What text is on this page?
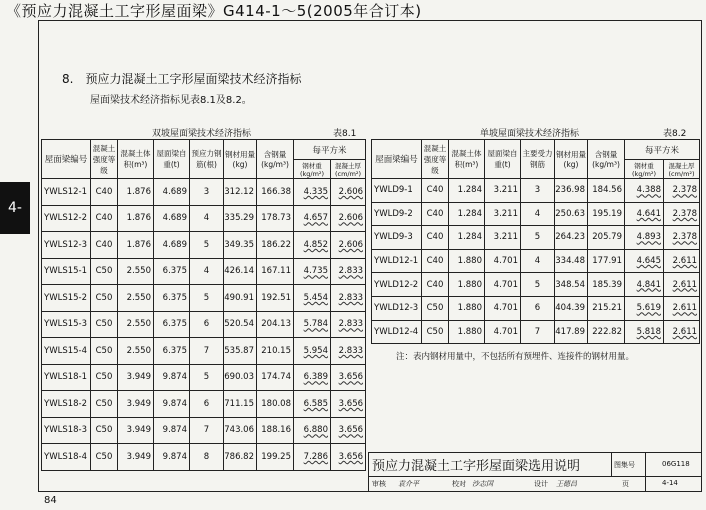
《预应力混凝土工字形屋面梁》G414-1～5(2005年合订本)
4-
8.　预应力混凝土工字形屋面梁技术经济指标
屋面梁技术经济指标见表8.1及8.2。
双坡屋面梁技术经济指标	表8.1
屋面梁编号	混凝土强度等级	混凝土体积(m³)	屋面梁自重(t)	预应力钢筋(根)	钢材用量(kg)	含钢量(kg/m³)	每平方米	
							钢材重(kg/m²)	混凝土厚(cm/m²)
YWLS12-1	C40	1.876	4.689	3	312.12	166.38	4.335	2.606
YWLS12-2	C40	1.876	4.689	4	335.29	178.73	4.657	2.606
YWLS12-3	C40	1.876	4.689	5	349.35	186.22	4.852	2.606
YWLS15-1	C50	2.550	6.375	4	426.14	167.11	4.735	2.833
YWLS15-2	C50	2.550	6.375	5	490.91	192.51	5.454	2.833
YWLS15-3	C50	2.550	6.375	6	520.54	204.13	5.784	2.833
YWLS15-4	C50	2.550	6.375	7	535.87	210.15	5.954	2.833
YWLS18-1	C50	3.949	9.874	5	690.03	174.74	6.389	3.656
YWLS18-2	C50	3.949	9.874	6	711.15	180.08	6.585	3.656
YWLS18-3	C50	3.949	9.874	7	743.06	188.16	6.880	3.656
YWLS18-4	C50	3.949	9.874	8	786.82	199.25	7.286	3.656
单坡屋面梁技术经济指标	表8.2
屋面梁编号	混凝土强度等级	混凝土体积(m³)	屋面梁自重(t)	主要受力钢筋	钢材用量(kg)	含钢量(kg/m³)	每平方米	
							钢材重(kg/m²)	混凝土厚(cm/m²)
YWLD9-1	C40	1.284	3.211	3	236.98	184.56	4.388	2.378
YWLD9-2	C40	1.284	3.211	4	250.63	195.19	4.641	2.378
YWLD9-3	C40	1.284	3.211	5	264.23	205.79	4.893	2.378
YWLD12-1	C40	1.880	4.701	4	334.48	177.91	4.645	2.611
YWLD12-2	C40	1.880	4.701	5	348.54	185.39	4.841	2.611
YWLD12-3	C50	1.880	4.701	6	404.39	215.21	5.619	2.611
YWLD12-4	C50	1.880	4.701	7	417.89	222.82	5.818	2.611
注：表内钢材用量中，不包括所有预埋件、连接件的钢材用量。
预应力混凝土工字形屋面梁选用说明	图集号	06G118
审核 袁介平	校对 沙志国	设计 王德昌	页	4-14
84
